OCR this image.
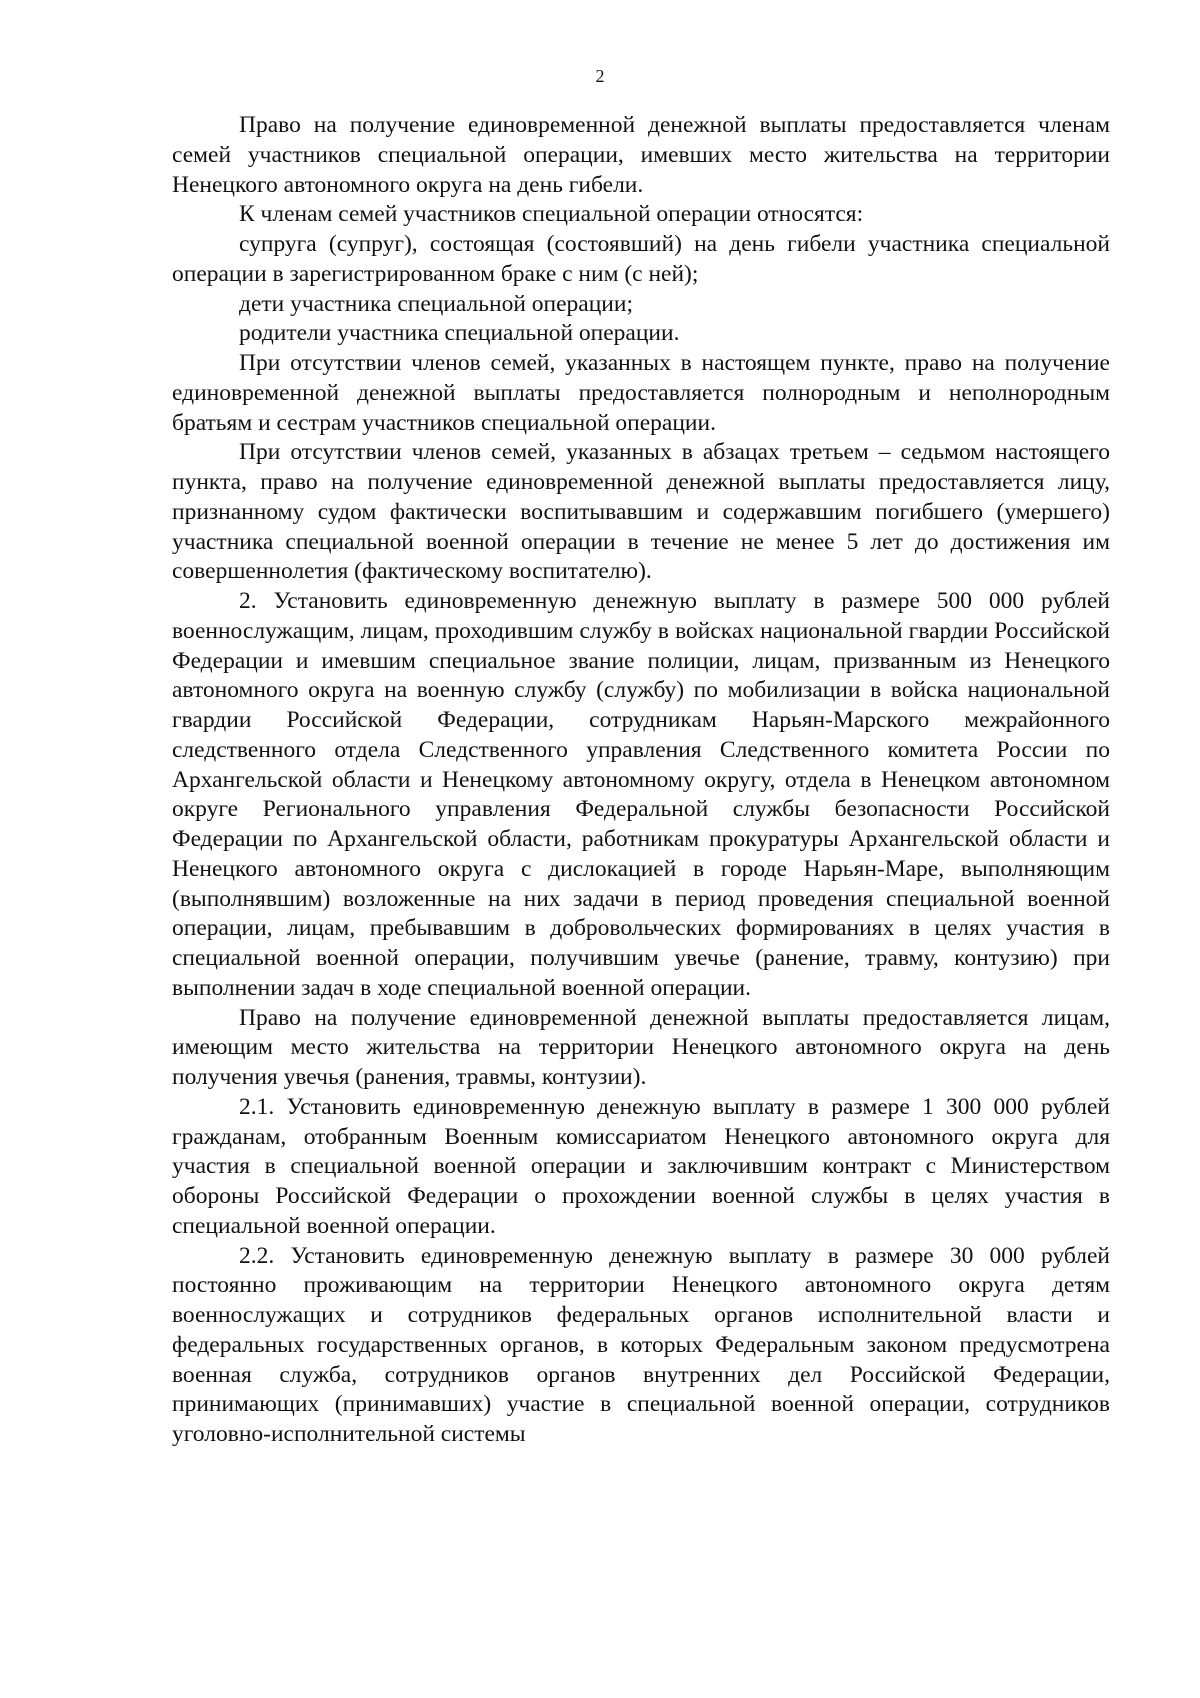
2

Право на получение единовременной денежной выплаты предоставляется членам семей участников специальной операции, имевших место жительства на территории Ненецкого автономного округа на день гибели.

К членам семей участников специальной операции относятся:

супруга (супруг), состоящая (состоявший) на день гибели участника специальной операции в зарегистрированном браке с ним (с ней);

дети участника специальной операции;

родители участника специальной операции.

При отсутствии членов семей, указанных в настоящем пункте, право на получение единовременной денежной выплаты предоставляется полнородным и неполнородным братьям и сестрам участников специальной операции.

При отсутствии членов семей, указанных в абзацах третьем – седьмом настоящего пункта, право на получение единовременной денежной выплаты предоставляется лицу, признанному судом фактически воспитывавшим и содержавшим погибшего (умершего) участника специальной военной операции в течение не менее 5 лет до достижения им совершеннолетия (фактическому воспитателю).

2. Установить единовременную денежную выплату в размере 500 000 рублей военнослужащим, лицам, проходившим службу в войсках национальной гвардии Российской Федерации и имевшим специальное звание полиции, лицам, призванным из Ненецкого автономного округа на военную службу (службу) по мобилизации в войска национальной гвардии Российской Федерации, сотрудникам Нарьян-Марского межрайонного следственного отдела Следственного управления Следственного комитета России по Архангельской области и Ненецкому автономному округу, отдела в Ненецком автономном округе Регионального управления Федеральной службы безопасности Российской Федерации по Архангельской области, работникам прокуратуры Архангельской области и Ненецкого автономного округа с дислокацией в городе Нарьян-Маре, выполняющим (выполнявшим) возложенные на них задачи в период проведения специальной военной операции, лицам, пребывавшим в добровольческих формированиях в целях участия в специальной военной операции, получившим увечье (ранение, травму, контузию) при выполнении задач в ходе специальной военной операции.

Право на получение единовременной денежной выплаты предоставляется лицам, имеющим место жительства на территории Ненецкого автономного округа на день получения увечья (ранения, травмы, контузии).

2.1. Установить единовременную денежную выплату в размере 1 300 000 рублей гражданам, отобранным Военным комиссариатом Ненецкого автономного округа для участия в специальной военной операции и заключившим контракт с Министерством обороны Российской Федерации о прохождении военной службы в целях участия в специальной военной операции.

2.2. Установить единовременную денежную выплату в размере 30 000 рублей постоянно проживающим на территории Ненецкого автономного округа детям военнослужащих и сотрудников федеральных органов исполнительной власти и федеральных государственных органов, в которых Федеральным законом предусмотрена военная служба, сотрудников органов внутренних дел Российской Федерации, принимающих (принимавших) участие в специальной военной операции, сотрудников уголовно-исполнительной системы
